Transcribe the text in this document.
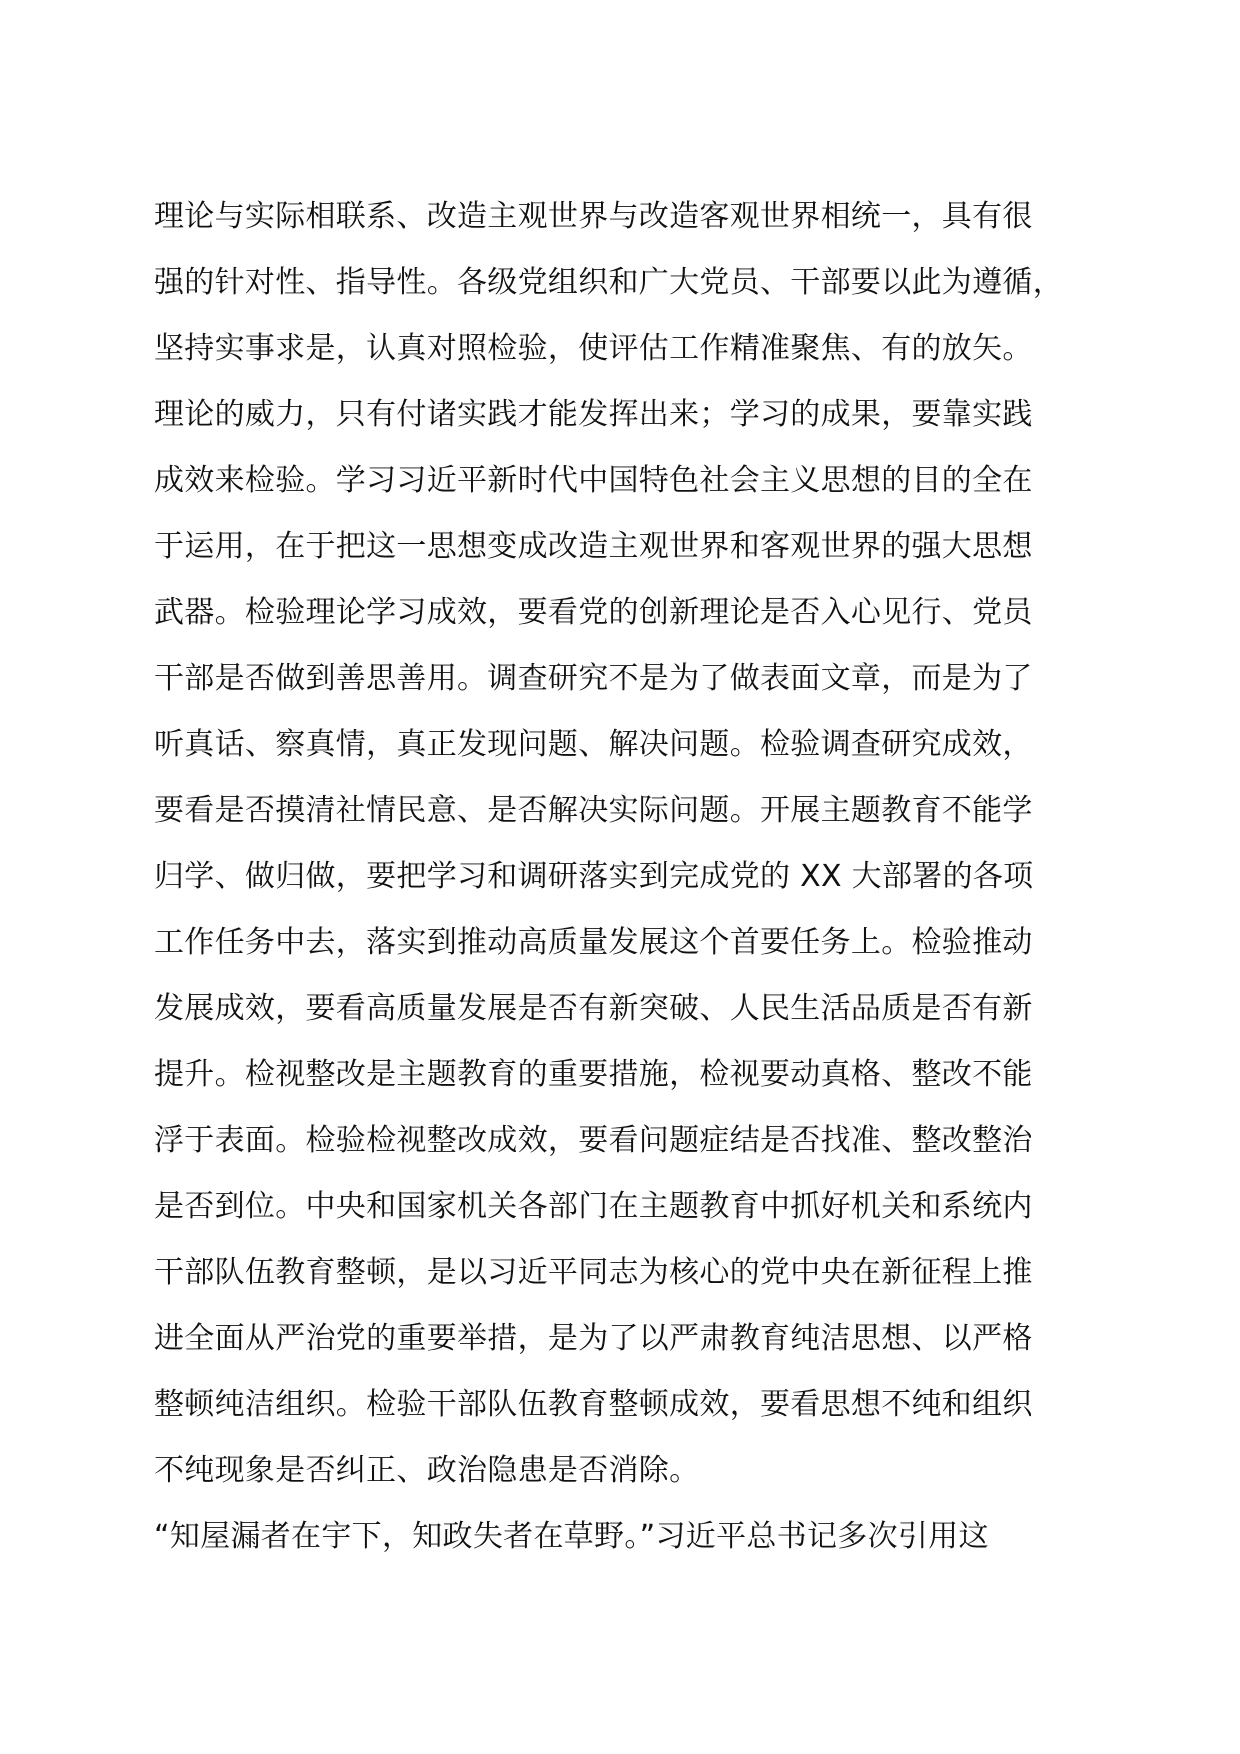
理论与实际相联系、改造主观世界与改造客观世界相统一，具有很
强的针对性、指导性。各级党组织和广大党员、干部要以此为遵循，
坚持实事求是，认真对照检验，使评估工作精准聚焦、有的放矢。
理论的威力，只有付诸实践才能发挥出来；学习的成果，要靠实践
成效来检验。学习习近平新时代中国特色社会主义思想的目的全在
于运用，在于把这一思想变成改造主观世界和客观世界的强大思想
武器。检验理论学习成效，要看党的创新理论是否入心见行、党员
干部是否做到善思善用。调查研究不是为了做表面文章，而是为了
听真话、察真情，真正发现问题、解决问题。检验调查研究成效，
要看是否摸清社情民意、是否解决实际问题。开展主题教育不能学
归学、做归做，要把学习和调研落实到完成党的 XX 大部署的各项
工作任务中去，落实到推动高质量发展这个首要任务上。检验推动
发展成效，要看高质量发展是否有新突破、人民生活品质是否有新
提升。检视整改是主题教育的重要措施，检视要动真格、整改不能
浮于表面。检验检视整改成效，要看问题症结是否找准、整改整治
是否到位。中央和国家机关各部门在主题教育中抓好机关和系统内
干部队伍教育整顿，是以习近平同志为核心的党中央在新征程上推
进全面从严治党的重要举措，是为了以严肃教育纯洁思想、以严格
整顿纯洁组织。检验干部队伍教育整顿成效，要看思想不纯和组织
不纯现象是否纠正、政治隐患是否消除。
“知屋漏者在宇下，知政失者在草野。”习近平总书记多次引用这
